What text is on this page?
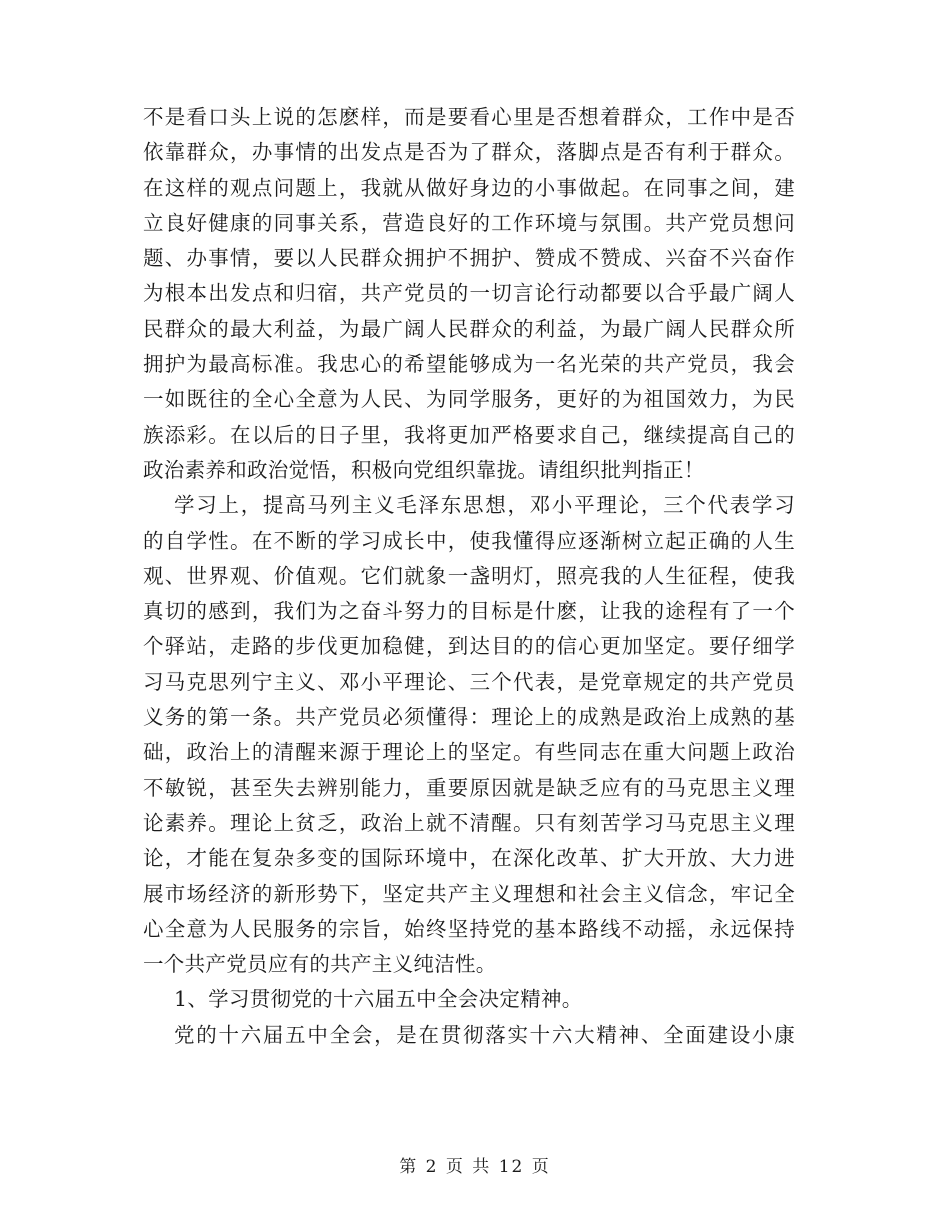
不是看口头上说的怎麽样，而是要看心里是否想着群众，工作中是否
依靠群众，办事情的出发点是否为了群众，落脚点是否有利于群众。
在这样的观点问题上，我就从做好身边的小事做起。在同事之间，建
立良好健康的同事关系，营造良好的工作环境与氛围。共产党员想问
题、办事情，要以人民群众拥护不拥护、赞成不赞成、兴奋不兴奋作
为根本出发点和归宿，共产党员的一切言论行动都要以合乎最广阔人
民群众的最大利益，为最广阔人民群众的利益，为最广阔人民群众所
拥护为最高标准。我忠心的希望能够成为一名光荣的共产党员，我会
一如既往的全心全意为人民、为同学服务，更好的为祖国效力，为民
族添彩。在以后的日子里，我将更加严格要求自己，继续提高自己的
政治素养和政治觉悟，积极向党组织靠拢。请组织批判指正！
学习上，提高马列主义毛泽东思想，邓小平理论，三个代表学习
的自学性。在不断的学习成长中，使我懂得应逐渐树立起正确的人生
观、世界观、价值观。它们就象一盏明灯，照亮我的人生征程，使我
真切的感到，我们为之奋斗努力的目标是什麽，让我的途程有了一个
个驿站，走路的步伐更加稳健，到达目的的信心更加坚定。要仔细学
习马克思列宁主义、邓小平理论、三个代表，是党章规定的共产党员
义务的第一条。共产党员必须懂得：理论上的成熟是政治上成熟的基
础，政治上的清醒来源于理论上的坚定。有些同志在重大问题上政治
不敏锐，甚至失去辨别能力，重要原因就是缺乏应有的马克思主义理
论素养。理论上贫乏，政治上就不清醒。只有刻苦学习马克思主义理
论，才能在复杂多变的国际环境中，在深化改革、扩大开放、大力进
展市场经济的新形势下，坚定共产主义理想和社会主义信念，牢记全
心全意为人民服务的宗旨，始终坚持党的基本路线不动摇，永远保持
一个共产党员应有的共产主义纯洁性。
1、学习贯彻党的十六届五中全会决定精神。
党的十六届五中全会，是在贯彻落实十六大精神、全面建设小康
第 2 页 共 12 页
